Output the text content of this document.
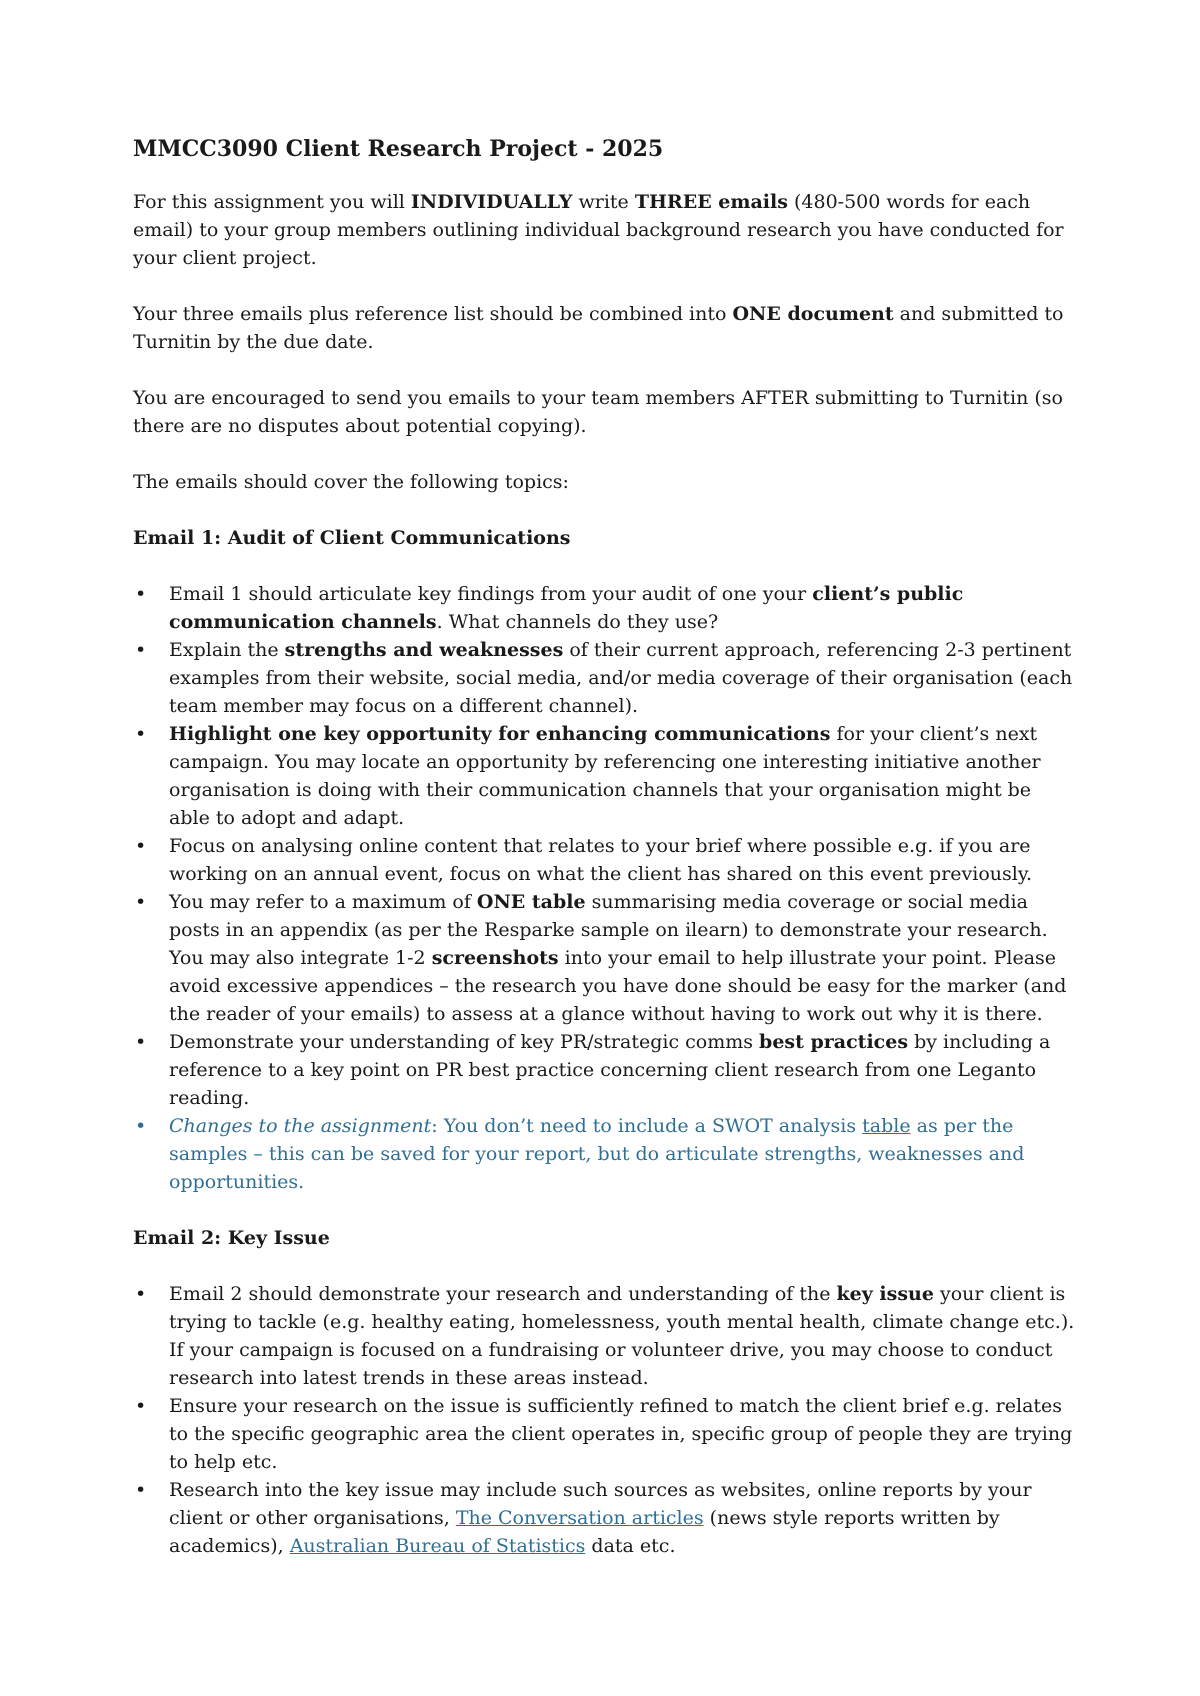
MMCC3090 Client Research Project - 2025

For this assignment you will INDIVIDUALLY write THREE emails (480-500 words for each email) to your group members outlining individual background research you have conducted for your client project.

Your three emails plus reference list should be combined into ONE document and submitted to Turnitin by the due date.

You are encouraged to send you emails to your team members AFTER submitting to Turnitin (so there are no disputes about potential copying).

The emails should cover the following topics:

Email 1: Audit of Client Communications
•	Email 1 should articulate key findings from your audit of one your client’s public communication channels. What channels do they use?
•	Explain the strengths and weaknesses of their current approach, referencing 2-3 pertinent examples from their website, social media, and/or media coverage of their organisation (each team member may focus on a different channel).
•	Highlight one key opportunity for enhancing communications for your client’s next campaign. You may locate an opportunity by referencing one interesting initiative another organisation is doing with their communication channels that your organisation might be able to adopt and adapt.
•	Focus on analysing online content that relates to your brief where possible e.g. if you are working on an annual event, focus on what the client has shared on this event previously.
•	You may refer to a maximum of ONE table summarising media coverage or social media posts in an appendix (as per the Resparke sample on ilearn) to demonstrate your research. You may also integrate 1-2 screenshots into your email to help illustrate your point. Please avoid excessive appendices – the research you have done should be easy for the marker (and the reader of your emails) to assess at a glance without having to work out why it is there.
•	Demonstrate your understanding of key PR/strategic comms best practices by including a reference to a key point on PR best practice concerning client research from one Leganto reading.
•	Changes to the assignment: You don’t need to include a SWOT analysis table as per the samples – this can be saved for your report, but do articulate strengths, weaknesses and opportunities.
Email 2: Key Issue
•	Email 2 should demonstrate your research and understanding of the key issue your client is trying to tackle (e.g. healthy eating, homelessness, youth mental health, climate change etc.). If your campaign is focused on a fundraising or volunteer drive, you may choose to conduct research into latest trends in these areas instead.
•	Ensure your research on the issue is sufficiently refined to match the client brief e.g. relates to the specific geographic area the client operates in, specific group of people they are trying to help etc.
•	Research into the key issue may include such sources as websites, online reports by your client or other organisations, The Conversation articles (news style reports written by academics), Australian Bureau of Statistics data etc.
